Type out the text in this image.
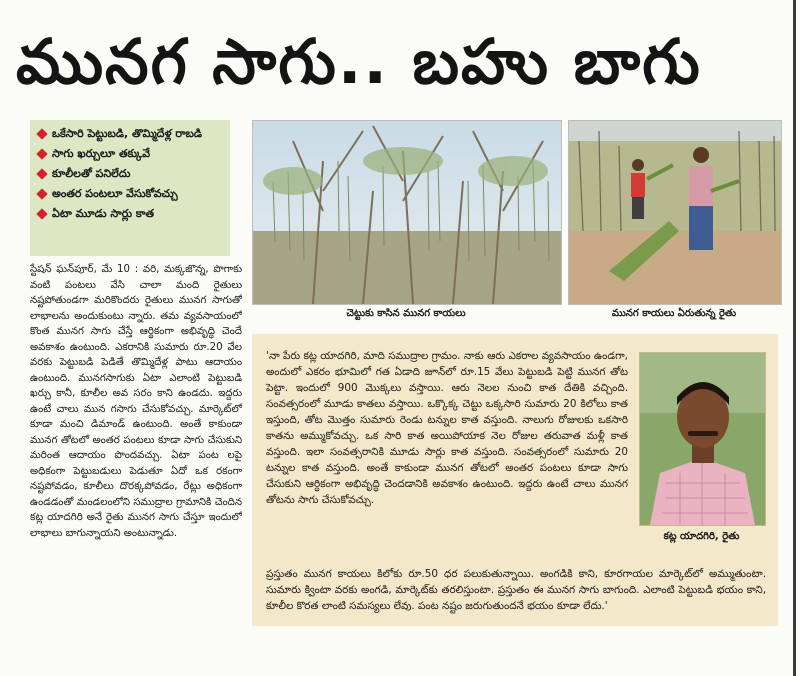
మునగ సాగు.. బహు బాగు
ఒకేసారి పెట్టుబడి, తొమ్మిదేళ్ల రాబడి
సాగు ఖర్చులూ తక్కువే
కూలీలతో పనిలేదు
అంతర పంటలూ వేసుకోవచ్చు
ఏటా మూడు సార్లు కాత

స్టేషన్ ఘన్‌పూర్, మే 10 : వరి, మక్కజొన్న, పొగాకు వంటి పంటలు వేసి చాలా మంది రైతులు నష్టపోతుండగా మరికొందరు రైతులు మునగ సాగుతో లాభాలను అందుకుంటు న్నారు. తమ వ్యవసాయంలో కొంత మునగ సాగు చేస్తే ఆర్థికంగా అభివృద్ధి చెందే అవకాశం ఉంటుంది. ఎకరానికి సుమారు రూ.20 వేల వరకు పెట్టుబడి పెడితే తొమ్మిదేళ్ల పాటు ఆదాయం ఉంటుంది. మునగసాగుకు ఏటా ఎలాంటి పెట్టుబడి ఖర్చు కానీ, కూలీల అవ సరం కాని ఉండదు. ఇద్దరు ఉంటే చాలు మున గసాగు చేసుకోవచ్చు. మార్కెట్‌లో కూడా మంచి డిమాండ్ ఉంటుంది. అంతే కాకుండా మునగ తోటలో అంతర పంటలు కూడా సాగు చేసుకుని మరింత ఆదాయం పొందవచ్చు. ఏటా పంట లపై అధికంగా పెట్టుబడులు పెడుతూ ఏదో ఒక రకంగా నష్టపోవడం, కూలీలు దొరక్కపోవడం, రేట్లు అధికంగా ఉండడంతో మండలంలోని సముద్రాల గ్రామానికి చెందిన కట్ల యాదగిరి అనే రైతు మునగ సాగు చేస్తూ ఇందులో లాభాలు బాగున్నాయని అంటున్నాడు.

చెట్టుకు కాసిన మునగ కాయలు	మునగ కాయలు ఏరుతున్న రైతు

'నా పేరు కట్ల యాదగిరి, మాది సముద్రాల గ్రామం. నాకు ఆరు ఎకరాల వ్యవసాయం ఉండగా, అందులో ఎకరం భూమిలో గత ఏడాది జూన్‌లో రూ.15 వేలు పెట్టుబడి పెట్టి మునగ తోట పెట్టా. ఇందులో 900 మొక్కలు వస్తాయి. ఆరు నెలల నుంచి కాత దేతికి వచ్చింది. సంవత్సరంలో మూడు కాతలు వస్తాయి. ఒక్కొక్క చెట్టు ఒక్కసారి సుమారు 20 కిలోలు కాత ఇస్తుంది, తోట మొత్తం సుమారు రెండు టన్నుల కాత వస్తుంది. నాలుగు రోజులకు ఒకసారి కాతను అమ్ముకోవచ్చు. ఒక సారి కాత అయిపోయాక నెల రోజుల తరువాత మళ్లీ కాత వస్తుంది. ఇలా సంవత్సరానికి మూడు సార్లు కాత వస్తుంది. సంవత్సరంలో సుమారు 20 టన్నుల కాత వస్తుంది. అంతే కాకుండా మునగ తోటలో అంతర పంటలు కూడా సాగు చేసుకుని ఆర్థికంగా అభివృద్ధి చెందడానికి అవకాశం ఉంటుంది. ఇద్దరు ఉంటే చాలు మునగ తోటను సాగు చేసుకోవచ్చు.

ప్రస్తుతం మునగ కాయలు కిలోకు రూ.50 ధర పలుకుతున్నాయి. అంగడికి కాని, కూరగాయల మార్కెట్‌లో అమ్ముతుంటా. సుమారు క్వింటా వరకు అంగడి, మార్కెట్‌కు తరలిస్తుంటా. ప్రస్తుతం ఈ మునగ సాగు బాగుంది. ఎలాంటి పెట్టుబడి భయం కాని, కూలీల కొరత లాంటి సమస్యలు లేవు. పంట నష్టం జరుగుతుందనే భయం కూడా లేదు.'

కట్ల యాదగిరి, రైతు
